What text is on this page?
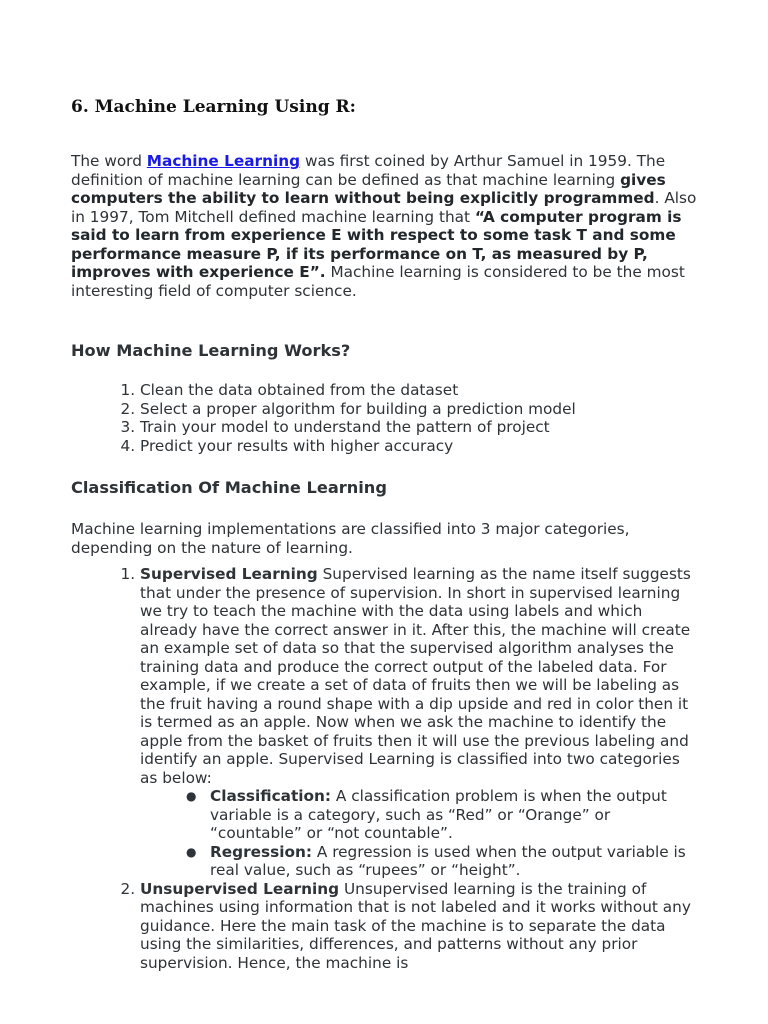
6. Machine Learning Using R:

The word Machine Learning was first coined by Arthur Samuel in 1959. The definition of machine learning can be defined as that machine learning gives computers the ability to learn without being explicitly programmed. Also in 1997, Tom Mitchell defined machine learning that “A computer program is said to learn from experience E with respect to some task T and some performance measure P, if its performance on T, as measured by P, improves with experience E”. Machine learning is considered to be the most interesting field of computer science.

How Machine Learning Works?
1. Clean the data obtained from the dataset
2. Select a proper algorithm for building a prediction model
3. Train your model to understand the pattern of project
4. Predict your results with higher accuracy
Classification Of Machine Learning

Machine learning implementations are classified into 3 major categories, depending on the nature of learning.

1. Supervised Learning Supervised learning as the name itself suggests that under the presence of supervision. In short in supervised learning we try to teach the machine with the data using labels and which already have the correct answer in it. After this, the machine will create an example set of data so that the supervised algorithm analyses the training data and produce the correct output of the labeled data. For example, if we create a set of data of fruits then we will be labeling as the fruit having a round shape with a dip upside and red in color then it is termed as an apple. Now when we ask the machine to identify the apple from the basket of fruits then it will use the previous labeling and identify an apple. Supervised Learning is classified into two categories as below:
● Classification: A classification problem is when the output variable is a category, such as “Red” or “Orange” or “countable” or “not countable”.
● Regression: A regression is used when the output variable is real value, such as “rupees” or “height”.
2. Unsupervised Learning Unsupervised learning is the training of machines using information that is not labeled and it works without any guidance. Here the main task of the machine is to separate the data using the similarities, differences, and patterns without any prior supervision. Hence, the machine is
